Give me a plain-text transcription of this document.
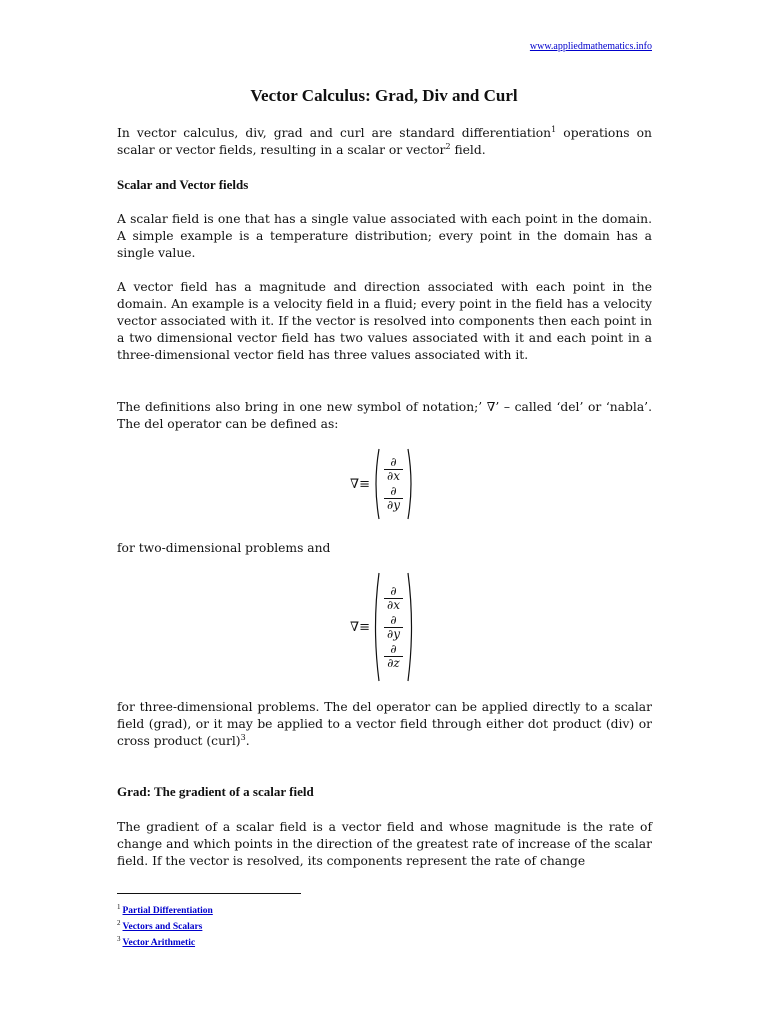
www.appliedmathematics.info
Vector Calculus: Grad, Div and Curl
In vector calculus, div, grad and curl are standard differentiation$^1$ operations on scalar or vector fields, resulting in a scalar or vector$^2$ field.
Scalar and Vector fields
A scalar field is one that has a single value associated with each point in the domain. A simple example is a temperature distribution; every point in the domain has a single value.
A vector field has a magnitude and direction associated with each point in the domain. An example is a velocity field in a fluid; every point in the field has a velocity vector associated with it. If the vector is resolved into components then each point in a two dimensional vector field has two values associated with it and each point in a three-dimensional vector field has three values associated with it.
The definitions also bring in one new symbol of notation;’ ∇’ – called ‘del’ or ‘nabla’. The del operator can be defined as:
∇≡
$\frac{\partial}{\partial x}$
$\frac{\partial}{\partial y}$
for two-dimensional problems and
∇≡
$\frac{\partial}{\partial x}$
$\frac{\partial}{\partial y}$
$\frac{\partial}{\partial z}$
for three-dimensional problems. The del operator can be applied directly to a scalar field (grad), or it may be applied to a vector field through either dot product (div) or cross product (curl)$^3$.
Grad: The gradient of a scalar field
The gradient of a scalar field is a vector field and whose magnitude is the rate of change and which points in the direction of the greatest rate of increase of the scalar field. If the vector is resolved, its components represent the rate of change
$^1$ Partial Differentiation
$^2$ Vectors and Scalars
$^3$ Vector Arithmetic
